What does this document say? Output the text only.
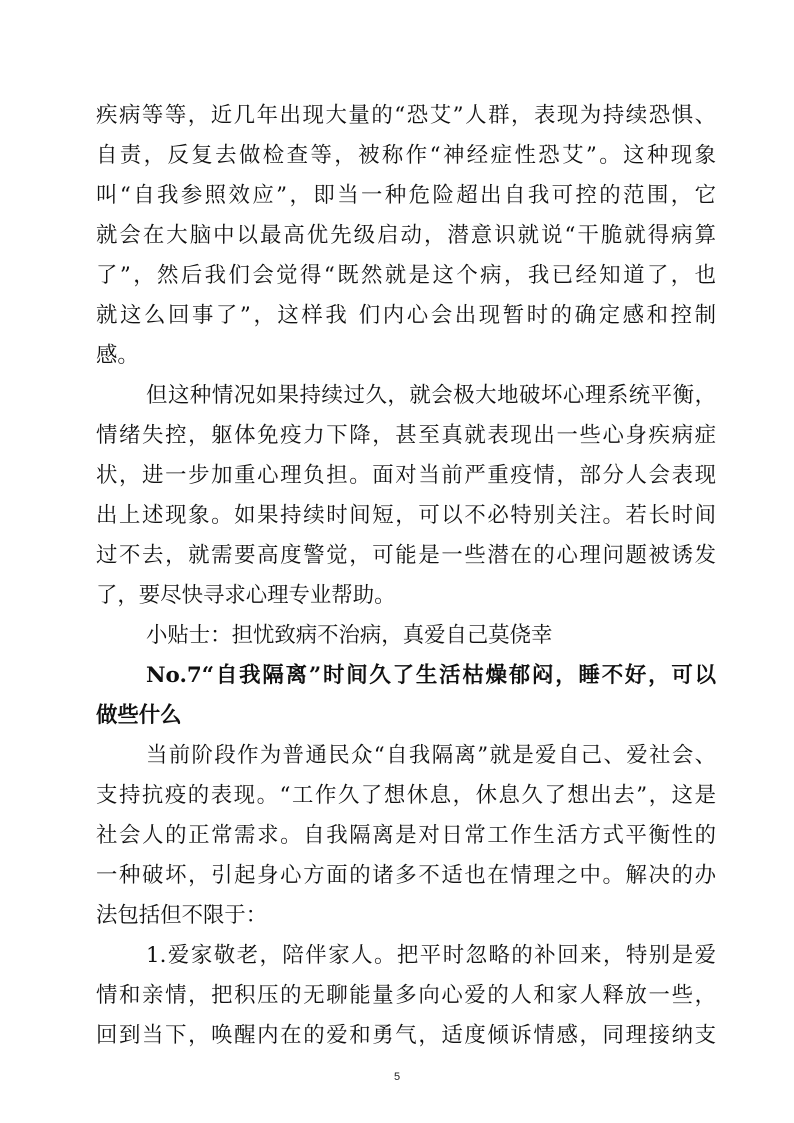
疾病等等，近几年出现大量的“恐艾”人群，表现为持续恐惧、
自责，反复去做检查等，被称作“神经症性恐艾”。这种现象
叫“自我参照效应”，即当一种危险超出自我可控的范围，它
就会在大脑中以最高优先级启动，潜意识就说“干脆就得病算
了”，然后我们会觉得“既然就是这个病，我已经知道了，也
就这么回事了”，这样我 们内心会出现暂时的确定感和控制
感。
但这种情况如果持续过久，就会极大地破坏心理系统平衡，
情绪失控，躯体免疫力下降，甚至真就表现出一些心身疾病症
状，进一步加重心理负担。面对当前严重疫情，部分人会表现
出上述现象。如果持续时间短，可以不必特别关注。若长时间
过不去，就需要高度警觉，可能是一些潜在的心理问题被诱发
了，要尽快寻求心理专业帮助。
小贴士：担忧致病不治病，真爱自己莫侥幸
No.7“自我隔离”时间久了生活枯燥郁闷，睡不好，可以
做些什么
当前阶段作为普通民众“自我隔离”就是爱自己、爱社会、
支持抗疫的表现。“工作久了想休息，休息久了想出去”，这是
社会人的正常需求。自我隔离是对日常工作生活方式平衡性的
一种破坏，引起身心方面的诸多不适也在情理之中。解决的办
法包括但不限于：
5
1.爱家敬老，陪伴家人。把平时忽略的补回来，特别是爱
情和亲情，把积压的无聊能量多向心爱的人和家人释放一些，
回到当下，唤醒内在的爱和勇气，适度倾诉情感，同理接纳支
